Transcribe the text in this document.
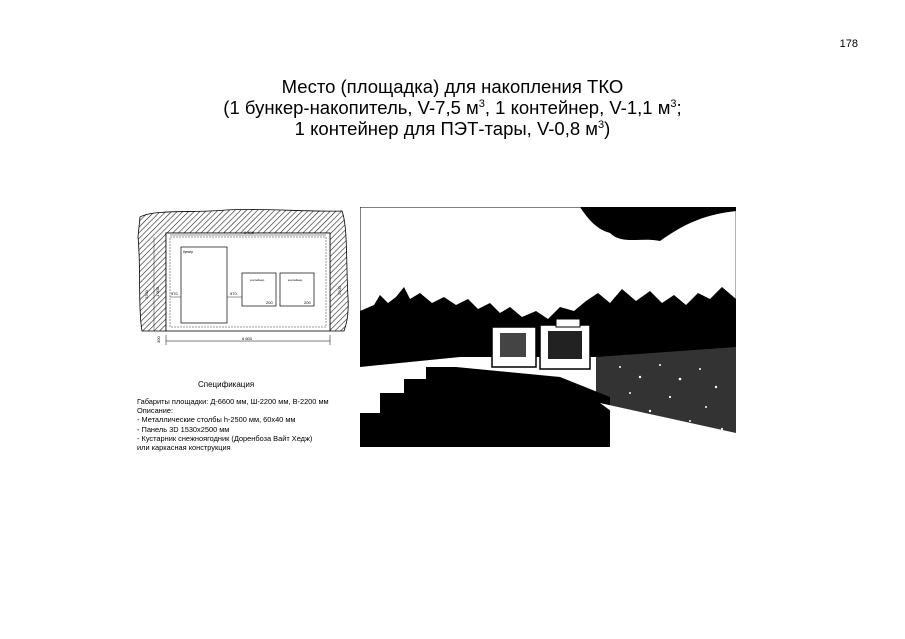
178
Место (площадка) для накопления ТКО
(1 бункер-накопитель, V-7,5 $м^3$, 1 контейнер, V-1,1 $м^3$;
1 контейнер для ПЭТ-тары, V-0,8 $м^3$)
6 400
бункер
контейнер	контейнер
570	570
200	200
2200 1 900
300
2200
6 600
Спецификация
Габариты площадки: Д-6600 мм, Ш-2200 мм, В-2200 мм
Описание:
- Металлические столбы h-2500 мм, 60х40 мм
- Панель 3D 1530х2500 мм
- Кустарник снежноягодник (Доренбоза Вайт Хедж)
или каркасная конструкция
